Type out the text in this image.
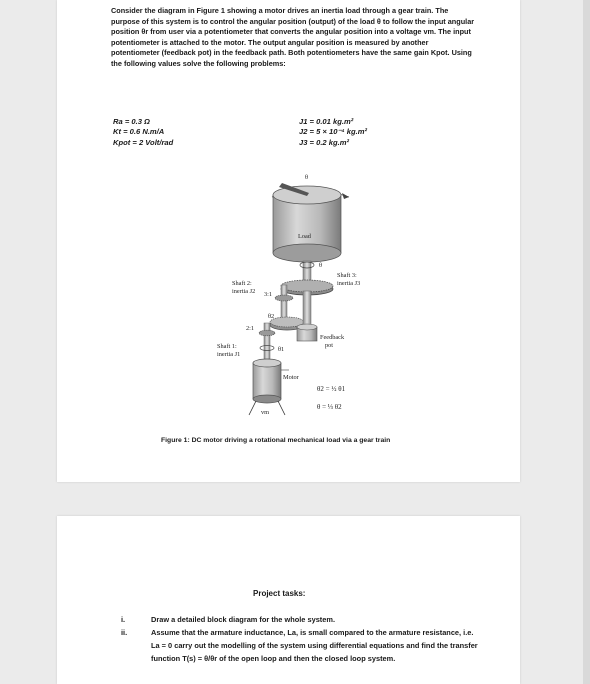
Consider the diagram in Figure 1 showing a motor drives an inertia load through a gear train. The purpose of this system is to control the angular position (output) of the load θ to follow the input angular position θr from user via a potentiometer that converts the angular position into a voltage vm. The input potentiometer is attached to the motor. The output angular position is measured by another potentiometer (feedback pot) in the feedback path. Both potentiometers have the same gain Kpot. Using the following values solve the following problems:
Ra = 0.3 Ω
Kt = 0.6 N.m/A
Kpot = 2 Volt/rad
J1 = 0.01 kg.m²
J2 = 5 × 10⁻⁴ kg.m²
J3 = 0.2 kg.m²
θ
Load
θ
Shaft 3:
inertia J3
Shaft 2:
inertia J2 3:1
θ2
2:1
θ1
Shaft 1:
inertia J1
Feedback
pot
Motor
vm
θ2 = ½ θ1
θ = ⅓ θ2
Figure 1: DC motor driving a rotational mechanical load via a gear train
Project tasks:
i.	Draw a detailed block diagram for the whole system.
ii.	Assume that the armature inductance, La, is small compared to the armature resistance, i.e. La = 0 carry out the modelling of the system using differential equations and find the transfer function T(s) = θ/θr of the open loop and then the closed loop system.
